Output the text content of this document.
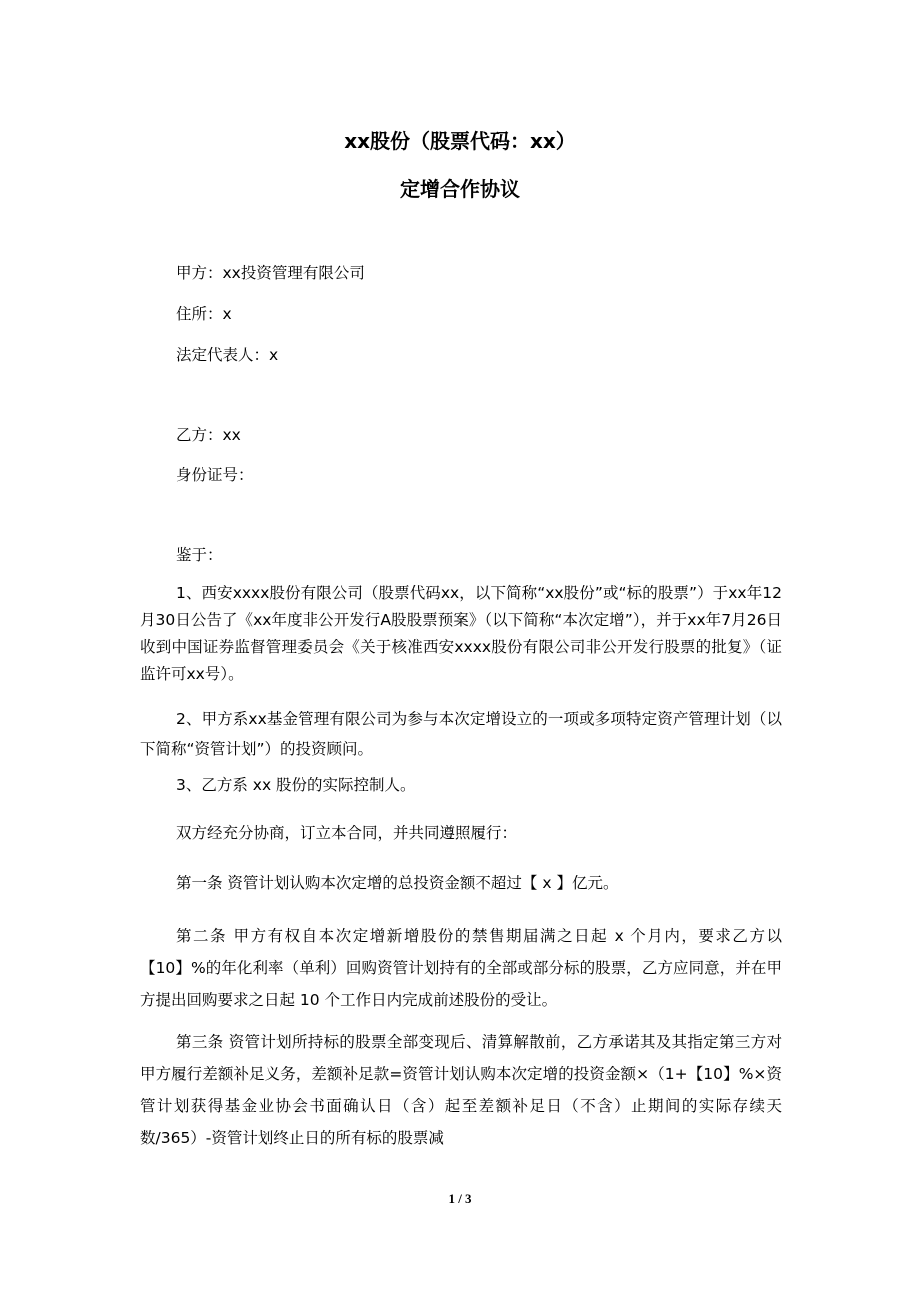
xx股份（股票代码：xx）
定增合作协议
甲方：xx投资管理有限公司
住所：x
法定代表人：x
乙方：xx
身份证号：
鉴于：
1、西安xxxx股份有限公司（股票代码xx，以下简称“xx股份”或“标的股票”）于xx年12月30日公告了《xx年度非公开发行A股股票预案》（以下简称“本次定增”），并于xx年7月26日收到中国证券监督管理委员会《关于核准西安xxxx股份有限公司非公开发行股票的批复》（证监许可xx号）。
2、甲方系xx基金管理有限公司为参与本次定增设立的一项或多项特定资产管理计划（以下简称“资管计划”）的投资顾问。
3、乙方系 xx 股份的实际控制人。
双方经充分协商，订立本合同，并共同遵照履行：
第一条 资管计划认购本次定增的总投资金额不超过【 x 】亿元。
第二条 甲方有权自本次定增新增股份的禁售期届满之日起 x 个月内，要求乙方以【10】%的年化利率（单利）回购资管计划持有的全部或部分标的股票，乙方应同意，并在甲方提出回购要求之日起 10 个工作日内完成前述股份的受让。
第三条 资管计划所持标的股票全部变现后、清算解散前，乙方承诺其及其指定第三方对甲方履行差额补足义务，差额补足款=资管计划认购本次定增的投资金额×（1+【10】%×资管计划获得基金业协会书面确认日（含）起至差额补足日（不含）止期间的实际存续天数/365）-资管计划终止日的所有标的股票减
1 / 3
